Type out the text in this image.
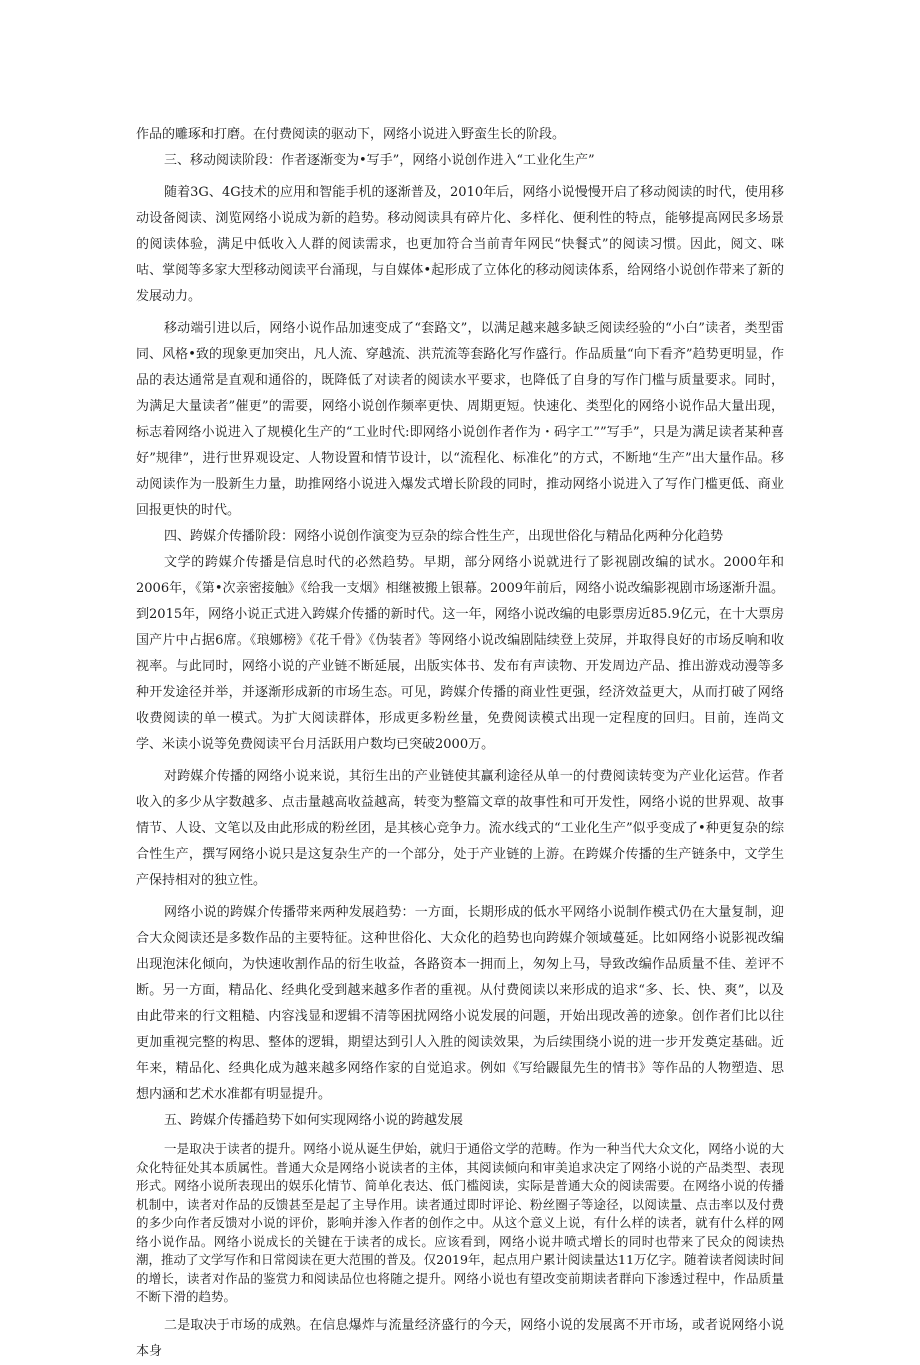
作品的雕琢和打磨。在付费阅读的驱动下，网络小说进入野蛮生长的阶段。

三、移动阅读阶段：作者逐渐变为•写手”，网络小说创作进入“工业化生产”

随着3G、4G技术的应用和智能手机的逐渐普及，2010年后，网络小说慢慢开启了移动阅读的时代，使用移动设备阅读、浏览网络小说成为新的趋势。移动阅读具有碎片化、多样化、便利性的特点，能够提高网民多场景的阅读体验，满足中低收入人群的阅读需求，也更加符合当前青年网民“快餐式”的阅读习惯。因此，阅文、咪咕、掌阅等多家大型移动阅读平台涌现，与自媒体•起形成了立体化的移动阅读体系，给网络小说创作带来了新的发展动力。

移动端引进以后，网络小说作品加速变成了“套路文”，以满足越来越多缺乏阅读经验的“小白”读者，类型雷同、风格•致的现象更加突出，凡人流、穿越流、洪荒流等套路化写作盛行。作品质量“向下看齐”趋势更明显，作品的表达通常是直观和通俗的，既降低了对读者的阅读水平要求，也降低了自身的写作门槛与质量要求。同时，为满足大量读者”催更”的需要，网络小说创作频率更快、周期更短。快速化、类型化的网络小说作品大量出现，标志着网络小说进入了规模化生产的“工业时代:即网络小说创作者作为・码字工””写手”，只是为满足读者某种喜好”规律”，进行世界观设定、人物设置和情节设计，以“流程化、标准化”的方式，不断地“生产”出大量作品。移动阅读作为一股新生力量，助推网络小说进入爆发式增长阶段的同时，推动网络小说进入了写作门槛更低、商业回报更快的时代。

四、跨媒介传播阶段：网络小说创作演变为豆杂的综合性生产，出现世俗化与精品化两种分化趋势

文学的跨媒介传播是信息时代的必然趋势。早期，部分网络小说就进行了影视剧改编的试水。2000年和2006年，《第•次亲密接触》《给我一支烟》相继被搬上银幕。2009年前后，网络小说改编影视剧市场逐渐升温。到2015年，网络小说正式进入跨媒介传播的新时代。这一年，网络小说改编的电影票房近85.9亿元，在十大票房国产片中占据6席。《琅娜榜》《花千骨》《伪装者》等网络小说改编剧陆续登上荧屏，并取得良好的市场反响和收视率。与此同时，网络小说的产业链不断延展，出版实体书、发布有声读物、开发周边产品、推出游戏动漫等多种开发途径并举，并逐渐形成新的市场生态。可见，跨媒介传播的商业性更强，经济效益更大，从而打破了网络收费阅读的单一模式。为扩大阅读群体，形成更多粉丝量，免费阅读模式出现一定程度的回归。目前，连尚文学、米读小说等免费阅读平台月活跃用户数均已突破2000万。

对跨媒介传播的网络小说来说，其衍生出的产业链使其赢利途径从单一的付费阅读转变为产业化运营。作者收入的多少从字数越多、点击量越高收益越高，转变为整篇文章的故事性和可开发性，网络小说的世界观、故事情节、人设、文笔以及由此形成的粉丝团，是其核心竞争力。流水线式的“工业化生产”似乎变成了•种更复杂的综合性生产，撰写网络小说只是这复杂生产的一个部分，处于产业链的上游。在跨媒介传播的生产链条中，文学生产保持相对的独立性。

网络小说的跨媒介传播带来两种发展趋势：一方面，长期形成的低水平网络小说制作模式仍在大量复制，迎合大众阅读还是多数作品的主要特征。这种世俗化、大众化的趋势也向跨媒介领域蔓延。比如网络小说影视改编出现泡沫化倾向，为快速收割作品的衍生收益，各路资本一拥而上，匆匆上马，导致改编作品质量不佳、差评不断。另一方面，精品化、经典化受到越来越多作者的重视。从付费阅读以来形成的追求“多、长、快、爽”，以及由此带来的行文粗糙、内容浅显和逻辑不清等困扰网络小说发展的问题，开始出现改善的迹象。创作者们比以往更加重视完整的构思、整体的逻辑，期望达到引人入胜的阅读效果，为后续围绕小说的进一步开发奠定基础。近年来，精品化、经典化成为越来越多网络作家的自觉追求。例如《写给鼹鼠先生的情书》等作品的人物塑造、思想内涵和艺术水准都有明显提升。

五、跨媒介传播趋势下如何实现网络小说的跨越发展

一是取决于读者的提升。网络小说从诞生伊始，就归于通俗文学的范畴。作为一种当代大众文化，网络小说的大众化特征处其本质属性。普通大众是网络小说读者的主体，其阅读倾向和审美追求决定了网络小说的产品类型、表现形式。网络小说所表现出的娱乐化情节、简单化表达、低门槛阅读，实际是普通大众的阅读需要。在网络小说的传播机制中，读者对作品的反馈甚至是起了主导作用。读者通过即时评论、粉丝圈子等途径，以阅读量、点击率以及付费的多少向作者反馈对小说的评价，影响并渗入作者的创作之中。从这个意义上说，有什么样的读者，就有什么样的网络小说作品。网络小说成长的关键在于读者的成长。应该看到，网络小说井喷式增长的同时也带来了民众的阅读热潮，推动了文学写作和日常阅读在更大范围的普及。仅2019年，起点用户累计阅读量达11万亿字。随着读者阅读时间的增长，读者对作品的鉴赏力和阅读品位也将随之提升。网络小说也有望改变前期读者群向下渗透过程中，作品质量不断下滑的趋势。

二是取决于市场的成熟。在信息爆炸与流量经济盛行的今天，网络小说的发展离不开市场，或者说网络小说本身
